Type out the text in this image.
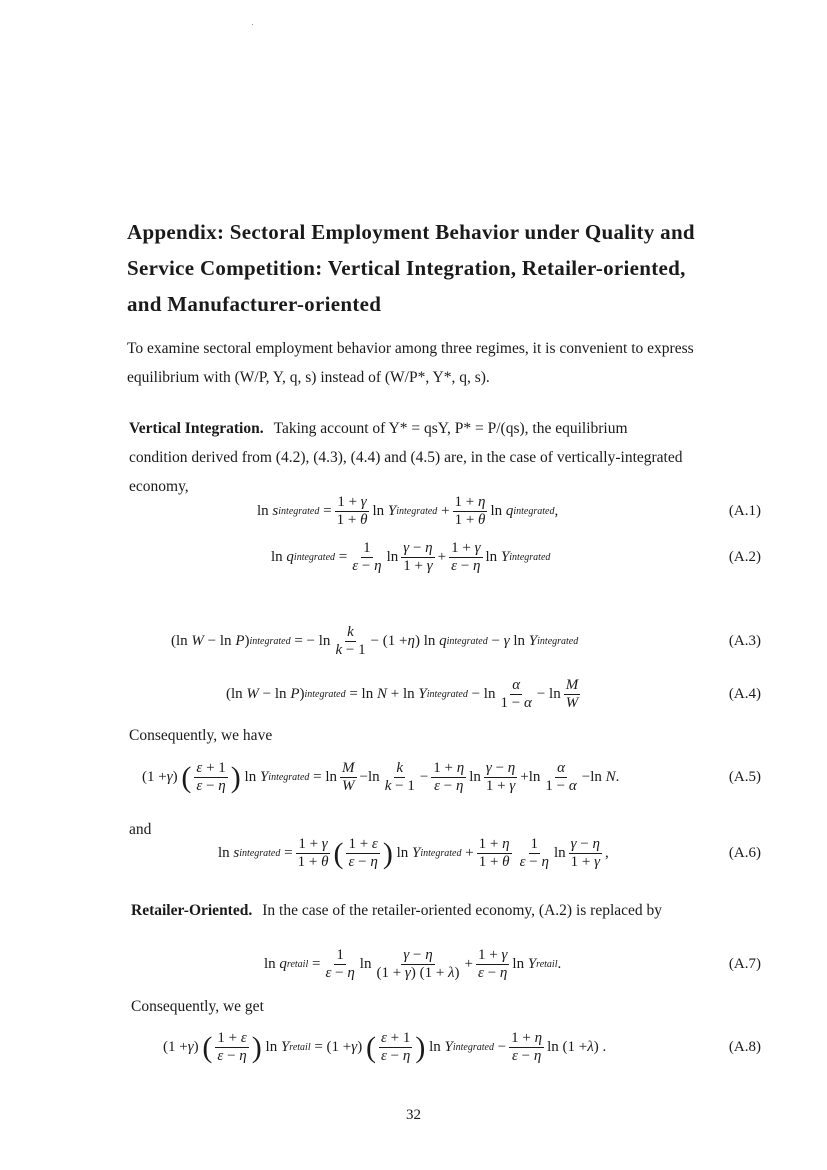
Appendix: Sectoral Employment Behavior under Quality and
Service Competition: Vertical Integration, Retailer-oriented,
and Manufacturer-oriented
To examine sectoral employment behavior among three regimes, it is convenient to express
equilibrium with (W/P, Y, q, s) instead of (W/P*, Y*, q, s).
Vertical Integration. Taking account of Y* = qsY, P* = P/(qs), the equilibrium
condition derived from (4.2), (4.3), (4.4) and (4.5) are, in the case of vertically-integrated
economy,
ln s integrated = $\frac{1 + \gamma}{1 + \theta}$ ln Y integrated + $\frac{1 + \eta}{1 + \theta}$ ln q integrated ,	(A.1)
ln q integrated = $\frac{1}{\varepsilon - \eta}$ $\ln \frac{\gamma - \eta}{1 + \gamma} + \frac{1 + \gamma}{\varepsilon - \eta}$ ln Y integrated	(A.2)
(ln W − ln P ) integrated = − $\ln \frac{k}{k - 1} - (1 + \eta$ ) ln q integrated − γ ln Y integrated	(A.3)
(ln W − ln P ) integrated = ln N + ln Y integrated − $\ln \frac{\alpha}{1 - \alpha} - \ln \frac{M}{W}$	(A.4)
Consequently, we have
(1 + γ ) ( $\frac{\varepsilon + 1}{\varepsilon - \eta}$ ) ln Y integrated = $\ln \frac{M}{W} -\ln \frac{k}{k - 1} - \frac{1 + \eta}{\varepsilon - \eta}$ $\ln \frac{\gamma - \eta}{1 + \gamma} +\ln \frac{\alpha}{1 - \alpha} -\ln$ N .	(A.5)
and
ln s integrated = $\frac{1 + \gamma}{1 + \theta}$ ( $\frac{1 + \varepsilon}{\varepsilon - \eta}$ ) ln Y integrated + $\frac{1 + \eta}{1 + \theta} \frac{1}{\varepsilon - \eta}$ $\ln \frac{\gamma - \eta}{1 + \gamma}$ ,	(A.6)
Retailer-Oriented. In the case of the retailer-oriented economy, (A.2) is replaced by
ln q retail = $\frac{1}{\varepsilon - \eta}$ $\ln \frac{\gamma - \eta}{(1 + \gamma) (1 + \lambda)} + \frac{1 + \gamma}{\varepsilon - \eta}$ ln Y retail .	(A.7)
Consequently, we get
(1 + γ ) ( $\frac{1 + \varepsilon}{\varepsilon - \eta}$ ) ln Y retail = (1 + γ ) ( $\frac{\varepsilon + 1}{\varepsilon - \eta}$ ) ln Y integrated − $\frac{1 + \eta}{\varepsilon - \eta}$ ln (1 + λ ) .	(A.8)
32
